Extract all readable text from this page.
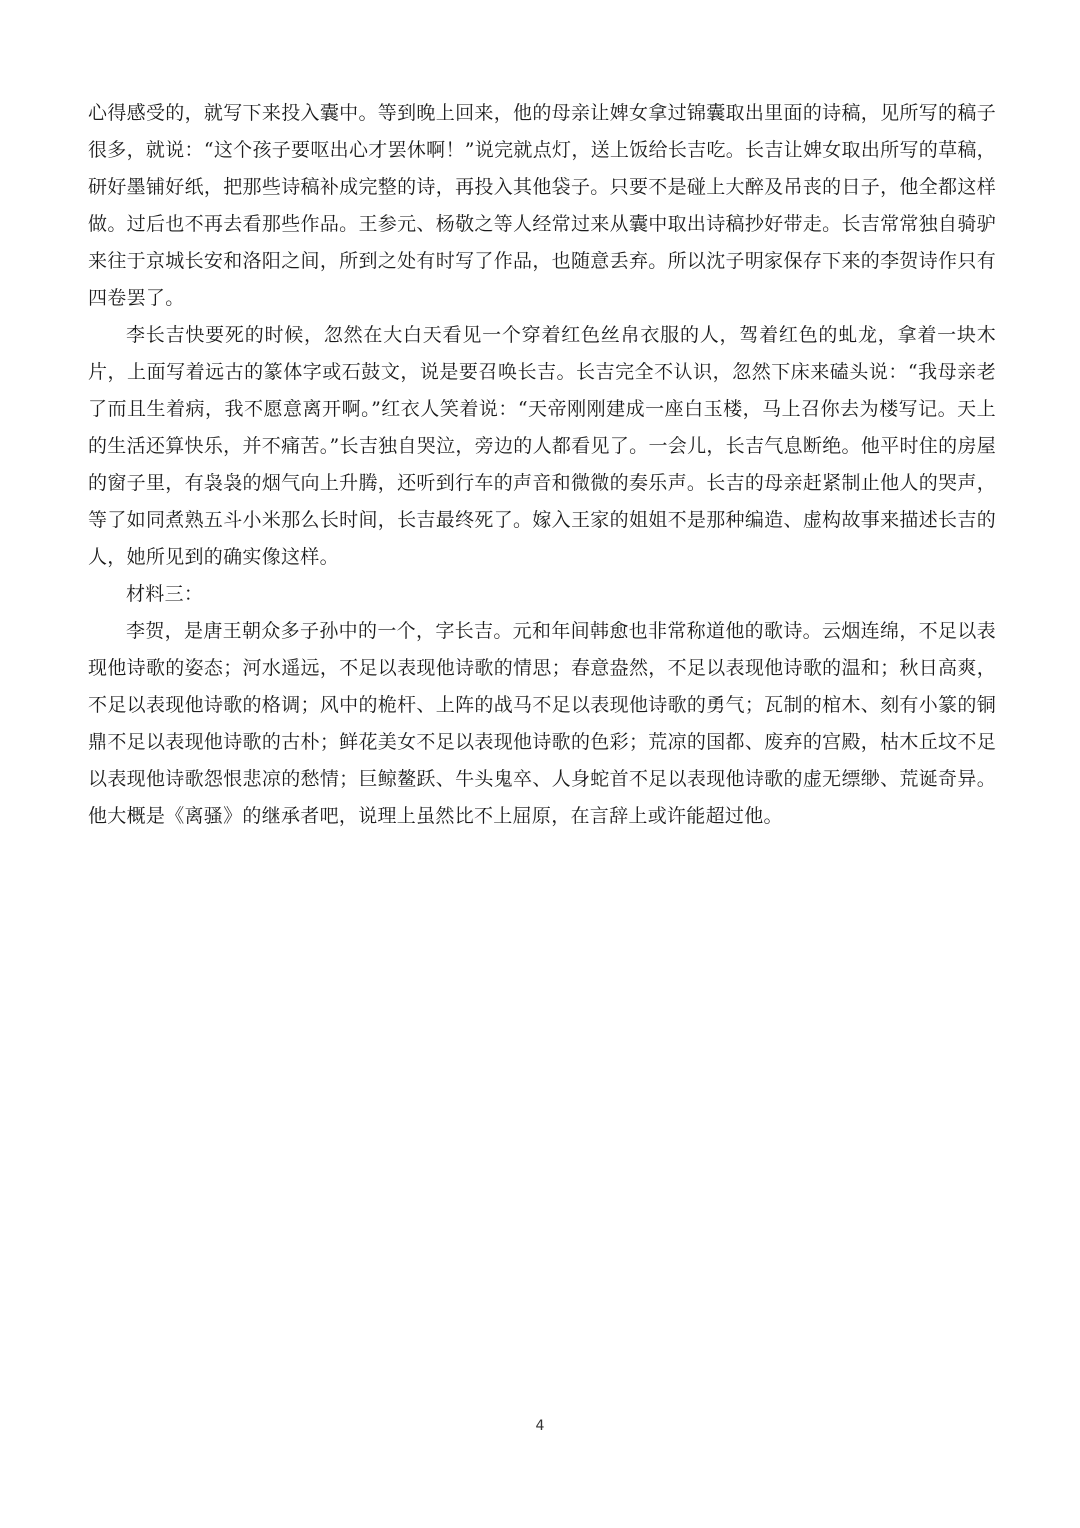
心得感受的，就写下来投入囊中。等到晚上回来，他的母亲让婢女拿过锦囊取出里面的诗稿，见所写的稿子很多，就说：“这个孩子要呕出心才罢休啊！”说完就点灯，送上饭给长吉吃。长吉让婢女取出所写的草稿，研好墨铺好纸，把那些诗稿补成完整的诗，再投入其他袋子。只要不是碰上大醉及吊丧的日子，他全都这样做。过后也不再去看那些作品。王参元、杨敬之等人经常过来从囊中取出诗稿抄好带走。长吉常常独自骑驴来往于京城长安和洛阳之间，所到之处有时写了作品，也随意丢弃。所以沈子明家保存下来的李贺诗作只有四卷罢了。

李长吉快要死的时候，忽然在大白天看见一个穿着红色丝帛衣服的人，驾着红色的虬龙，拿着一块木片，上面写着远古的篆体字或石鼓文，说是要召唤长吉。长吉完全不认识，忽然下床来磕头说：“我母亲老了而且生着病，我不愿意离开啊。”红衣人笑着说：“天帝刚刚建成一座白玉楼，马上召你去为楼写记。天上的生活还算快乐，并不痛苦。”长吉独自哭泣，旁边的人都看见了。一会儿，长吉气息断绝。他平时住的房屋的窗子里，有袅袅的烟气向上升腾，还听到行车的声音和微微的奏乐声。长吉的母亲赶紧制止他人的哭声，等了如同煮熟五斗小米那么长时间，长吉最终死了。嫁入王家的姐姐不是那种编造、虚构故事来描述长吉的人，她所见到的确实像这样。

材料三：

李贺，是唐王朝众多子孙中的一个，字长吉。元和年间韩愈也非常称道他的歌诗。云烟连绵，不足以表现他诗歌的姿态；河水遥远，不足以表现他诗歌的情思；春意盎然，不足以表现他诗歌的温和；秋日高爽，不足以表现他诗歌的格调；风中的桅杆、上阵的战马不足以表现他诗歌的勇气；瓦制的棺木、刻有小篆的铜鼎不足以表现他诗歌的古朴；鲜花美女不足以表现他诗歌的色彩；荒凉的国都、废弃的宫殿，枯木丘坟不足以表现他诗歌怨恨悲凉的愁情；巨鲸鳌跃、牛头鬼卒、人身蛇首不足以表现他诗歌的虚无缥缈、荒诞奇异。他大概是《离骚》的继承者吧，说理上虽然比不上屈原，在言辞上或许能超过他。

4
